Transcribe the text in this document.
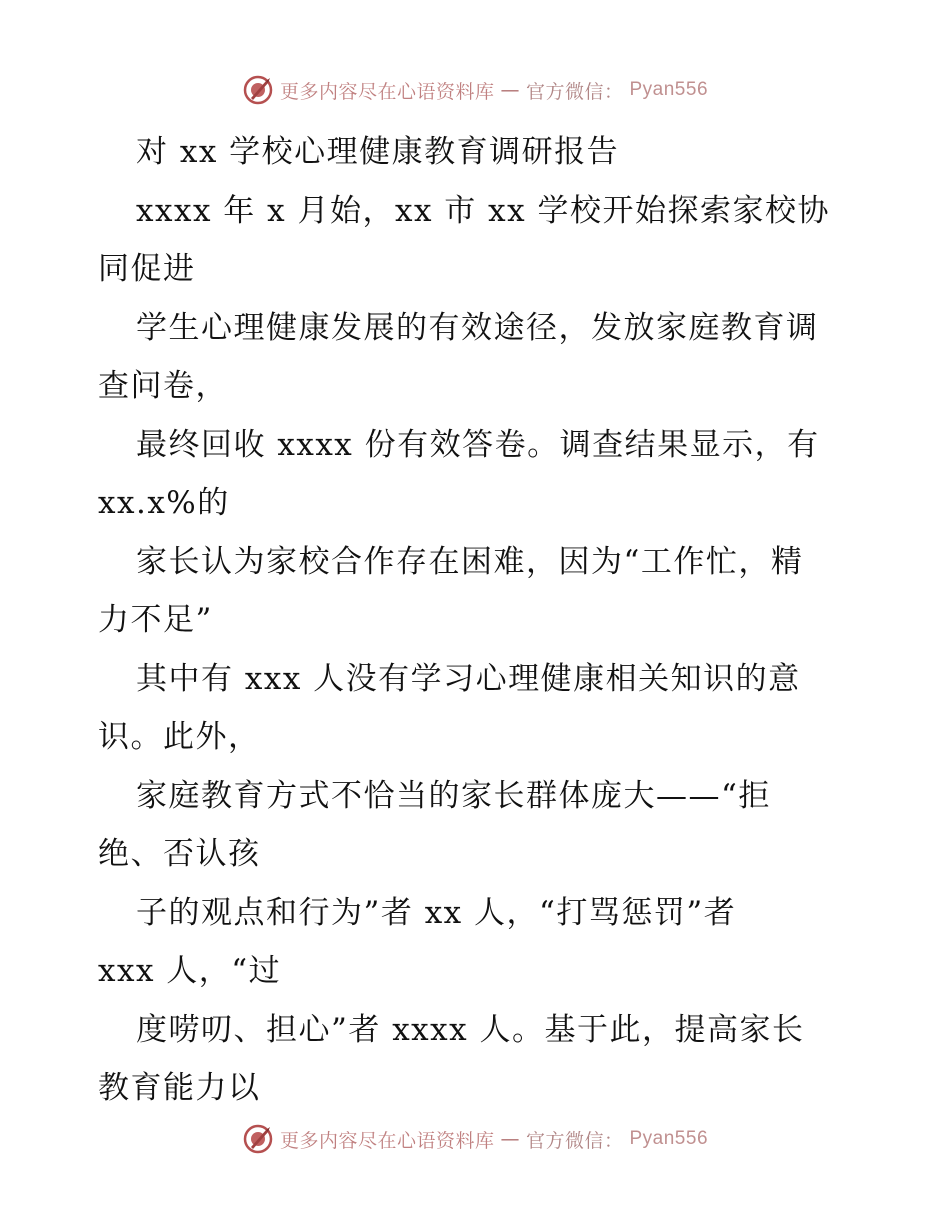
更多内容尽在心语资料库 — 官方微信： Pyan556
对 xx 学校心理健康教育调研报告
xxxx 年 x 月始，xx 市 xx 学校开始探索家校协
同促进
学生心理健康发展的有效途径，发放家庭教育调
查问卷，
最终回收 xxxx 份有效答卷。调查结果显示，有
xx.x%的
家长认为家校合作存在困难，因为“工作忙，精
力不足”
其中有 xxx 人没有学习心理健康相关知识的意
识。此外，
家庭教育方式不恰当的家长群体庞大——“拒
绝、否认孩
子的观点和行为”者 xx 人，“打骂惩罚”者
xxx 人，“过
度唠叨、担心”者 xxxx 人。基于此，提高家长
教育能力以
更多内容尽在心语资料库 — 官方微信： Pyan556
